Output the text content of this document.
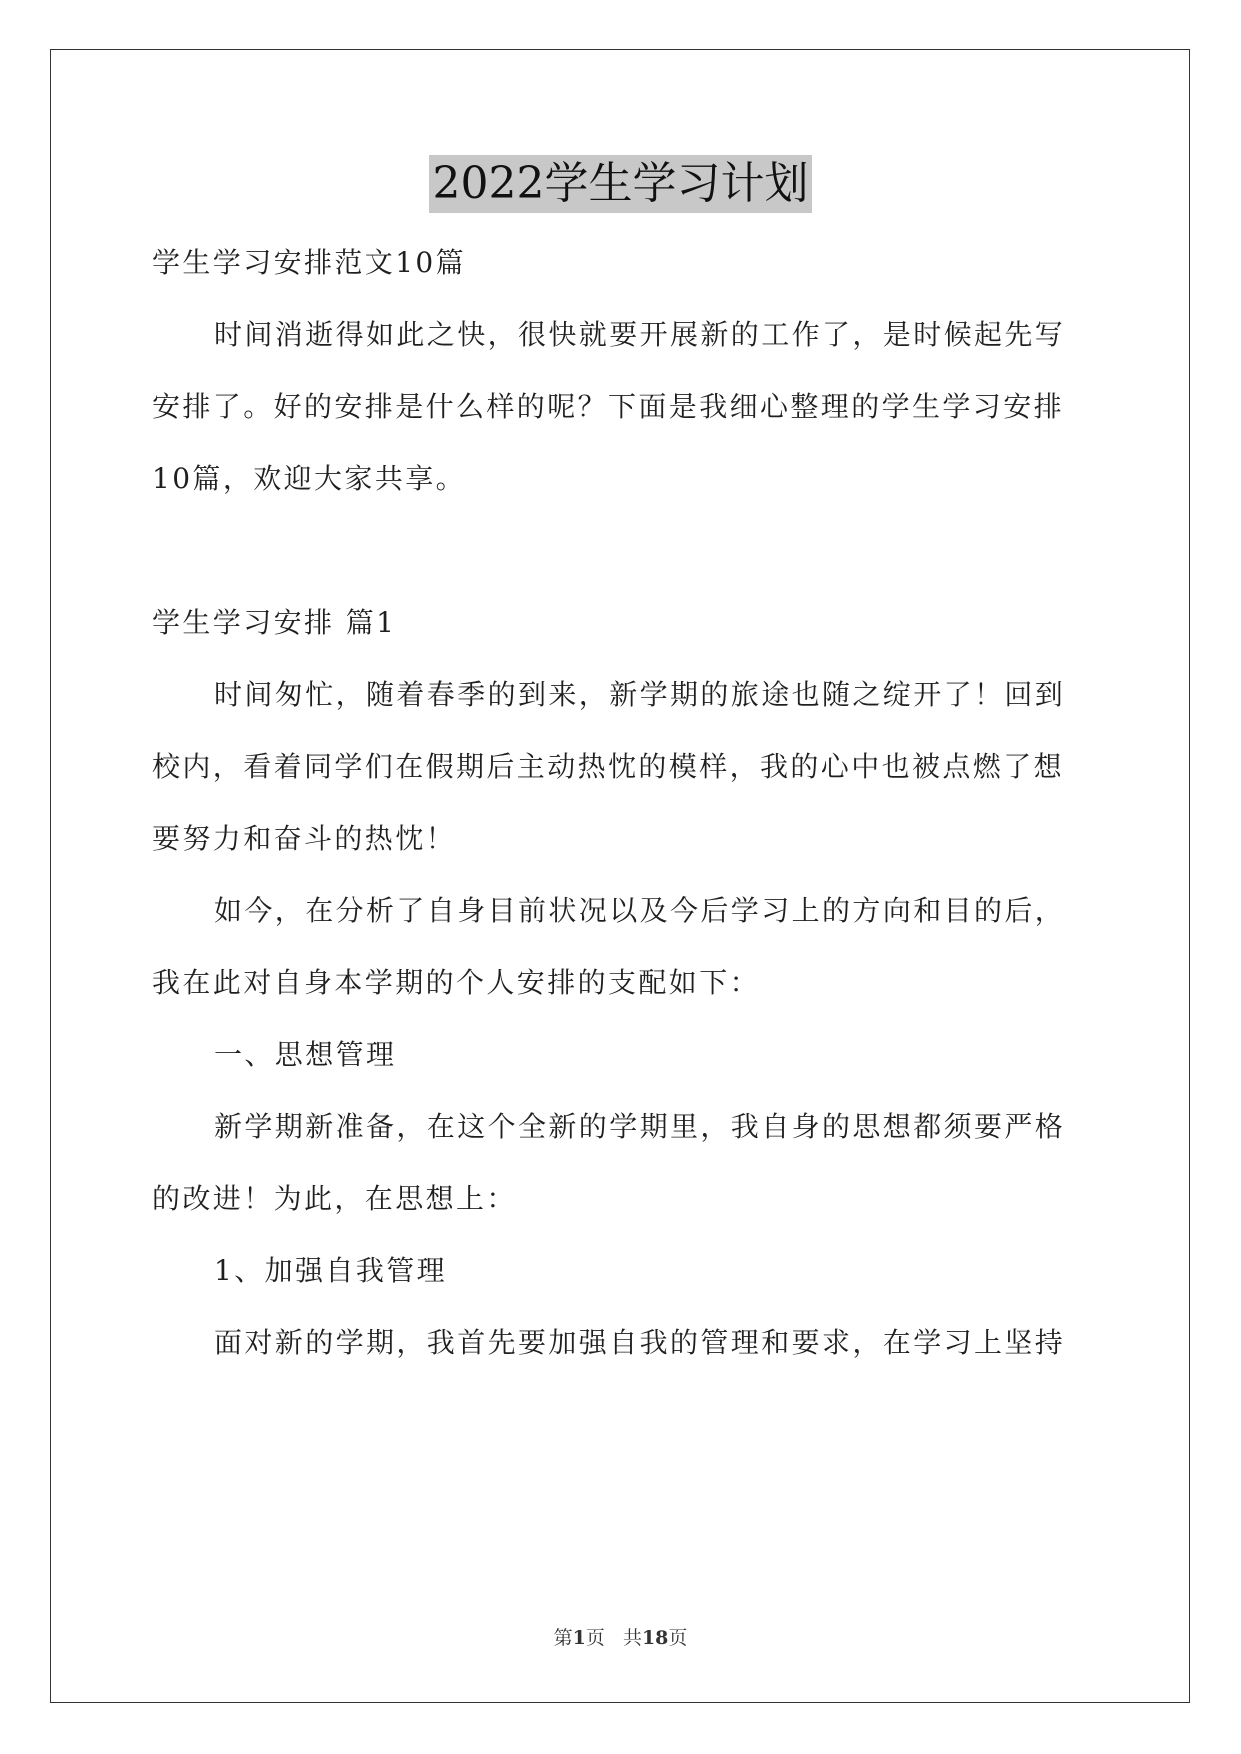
2022学生学习计划
学生学习安排范文10篇
时间消逝得如此之快，很快就要开展新的工作了，是时候起先写
安排了。好的安排是什么样的呢？下面是我细心整理的学生学习安排
10篇，欢迎大家共享。
学生学习安排 篇1
时间匆忙，随着春季的到来，新学期的旅途也随之绽开了！回到
校内，看着同学们在假期后主动热忱的模样，我的心中也被点燃了想
要努力和奋斗的热忱！
如今，在分析了自身目前状况以及今后学习上的方向和目的后，
我在此对自身本学期的个人安排的支配如下：
一、思想管理
新学期新准备，在这个全新的学期里，我自身的思想都须要严格
的改进！为此，在思想上：
1、加强自我管理
面对新的学期，我首先要加强自我的管理和要求，在学习上坚持
第1页   共18页
